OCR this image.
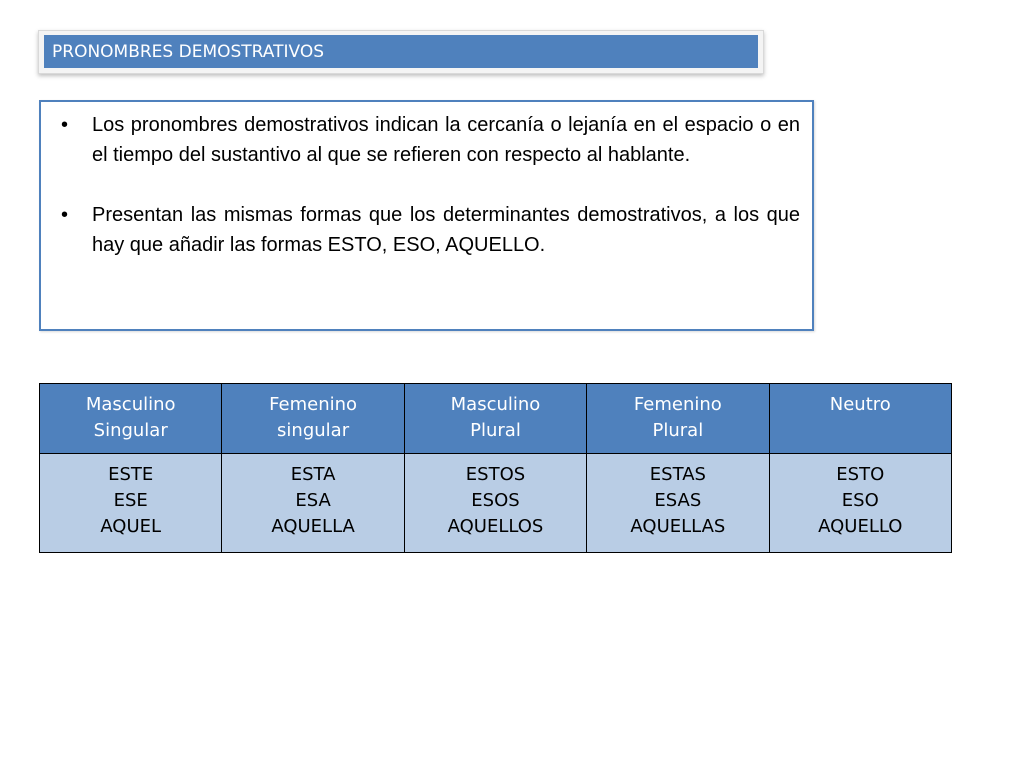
PRONOMBRES DEMOSTRATIVOS
• Los pronombres demostrativos indican la cercanía o lejanía en el espacio o en el tiempo del sustantivo al que se refieren con respecto al hablante.
• Presentan las mismas formas que los determinantes demostrativos, a los que hay que añadir las formas ESTO, ESO, AQUELLO.
Masculino
Singular	Femenino
singular	Masculino
Plural	Femenino
Plural	Neutro

ESTE
ESE
AQUEL	ESTA
ESA
AQUELLA	ESTOS
ESOS
AQUELLOS	ESTAS
ESAS
AQUELLAS	ESTO
ESO
AQUELLO
